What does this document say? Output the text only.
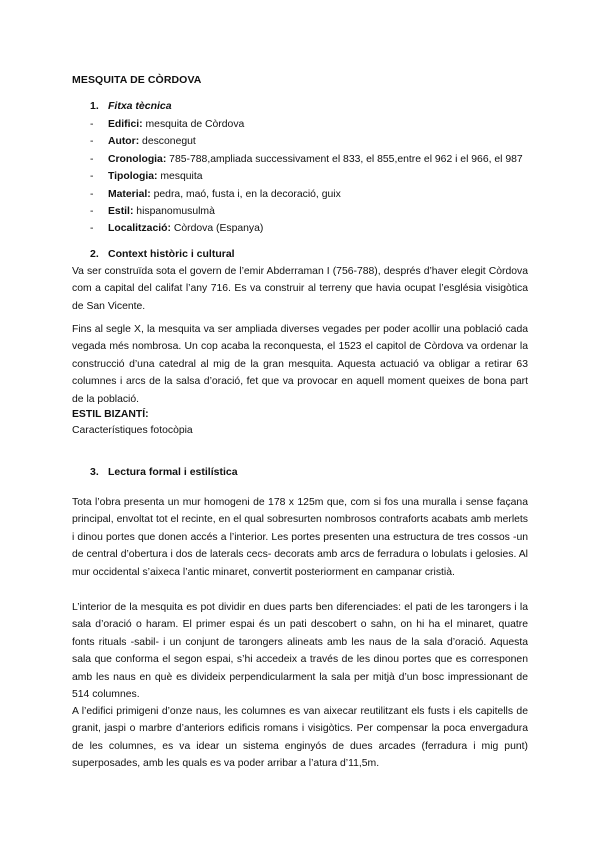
MESQUITA DE CÒRDOVA
1. Fitxa tècnica
- Edifici: mesquita de Còrdova
- Autor: desconegut
- Cronologia: 785-788,ampliada successivament el 833, el 855,entre el 962 i el 966, el 987
- Tipologia: mesquita
- Material: pedra, maó, fusta i, en la decoració, guix
- Estil: hispanomusulmà
- Localització: Còrdova (Espanya)
2. Context històric i cultural

Va ser construïda sota el govern de l’emir Abderraman I (756-788), després d’haver elegit Còrdova com a capital del califat l’any 716. Es va construir al terreny que havia ocupat l’església visigòtica de San Vicente.

Fins al segle X, la mesquita va ser ampliada diverses vegades per poder acollir una població cada vegada més nombrosa. Un cop acaba la reconquesta, el 1523 el capitol de Còrdova va ordenar la construcció d’una catedral al mig de la gran mesquita. Aquesta actuació va obligar a retirar 63 columnes i arcs de la salsa d’oració, fet que va provocar en aquell moment queixes de bona part de la població.

ESTIL BIZANTÍ:
Característiques fotocòpia
3. Lectura formal i estilística

Tota l’obra presenta un mur homogeni de 178 x 125m que, com si fos una muralla i sense façana principal, envoltat tot el recinte, en el qual sobresurten nombrosos contraforts acabats amb merlets i dinou portes que donen accés a l’interior. Les portes presenten una estructura de tres cossos -un de central d’obertura i dos de laterals cecs- decorats amb arcs de ferradura o lobulats i gelosies. Al mur occidental s’aixeca l’antic minaret, convertit posteriorment en campanar cristià.

L’interior de la mesquita es pot dividir en dues parts ben diferenciades: el pati de les tarongers i la sala d’oració o haram. El primer espai és un pati descobert o sahn, on hi ha el minaret, quatre fonts rituals -sabil- i un conjunt de tarongers alineats amb les naus de la sala d’oració. Aquesta sala que conforma el segon espai, s’hi accedeix a través de les dinou portes que es corresponen amb les naus en què es divideix perpendicularment la sala per mitjà d’un bosc impressionant de 514 columnes.

A l’edifici primigeni d’onze naus, les columnes es van aixecar reutilitzant els fusts i els capitells de granit, jaspi o marbre d’anteriors edificis romans i visigòtics. Per compensar la poca envergadura de les columnes, es va idear un sistema enginyós de dues arcades (ferradura i mig punt) superposades, amb les quals es va poder arribar a l’atura d’11,5m.
